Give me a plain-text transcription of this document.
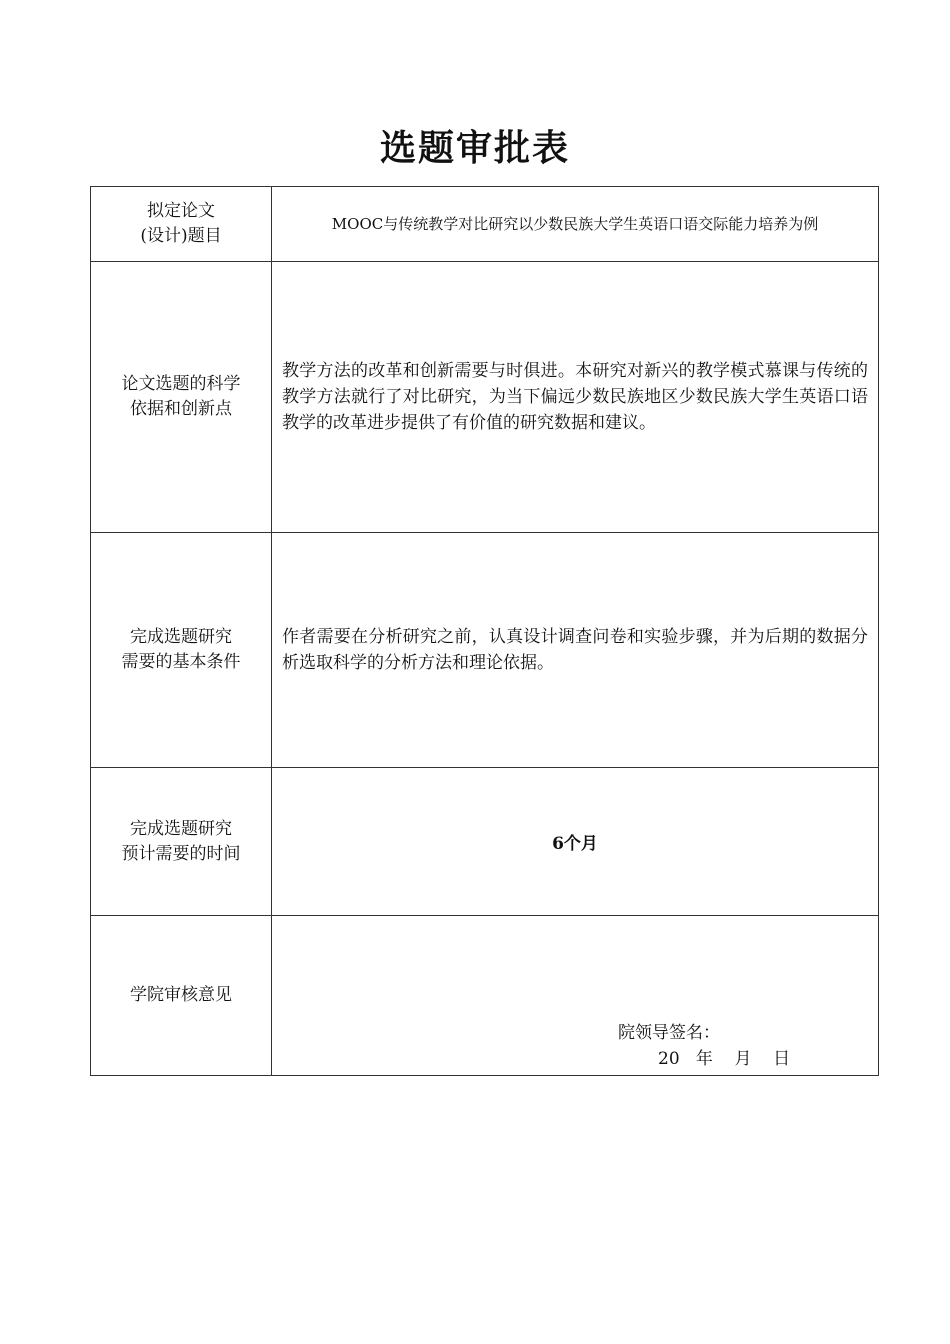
选题审批表
拟定论文
(设计)题目	MOOC与传统教学对比研究以少数民族大学生英语口语交际能力培养为例

论文选题的科学
依据和创新点	教学方法的改革和创新需要与时俱进。本研究对新兴的教学模式慕课与传统的教学方法就行了对比研究，为当下偏远少数民族地区少数民族大学生英语口语教学的改革进步提供了有价值的研究数据和建议。

完成选题研究
需要的基本条件	作者需要在分析研究之前，认真设计调查问卷和实验步骤，并为后期的数据分析选取科学的分析方法和理论依据。

完成选题研究
预计需要的时间	6个月

学院审核意见	院领导签名：
20   年    月    日
